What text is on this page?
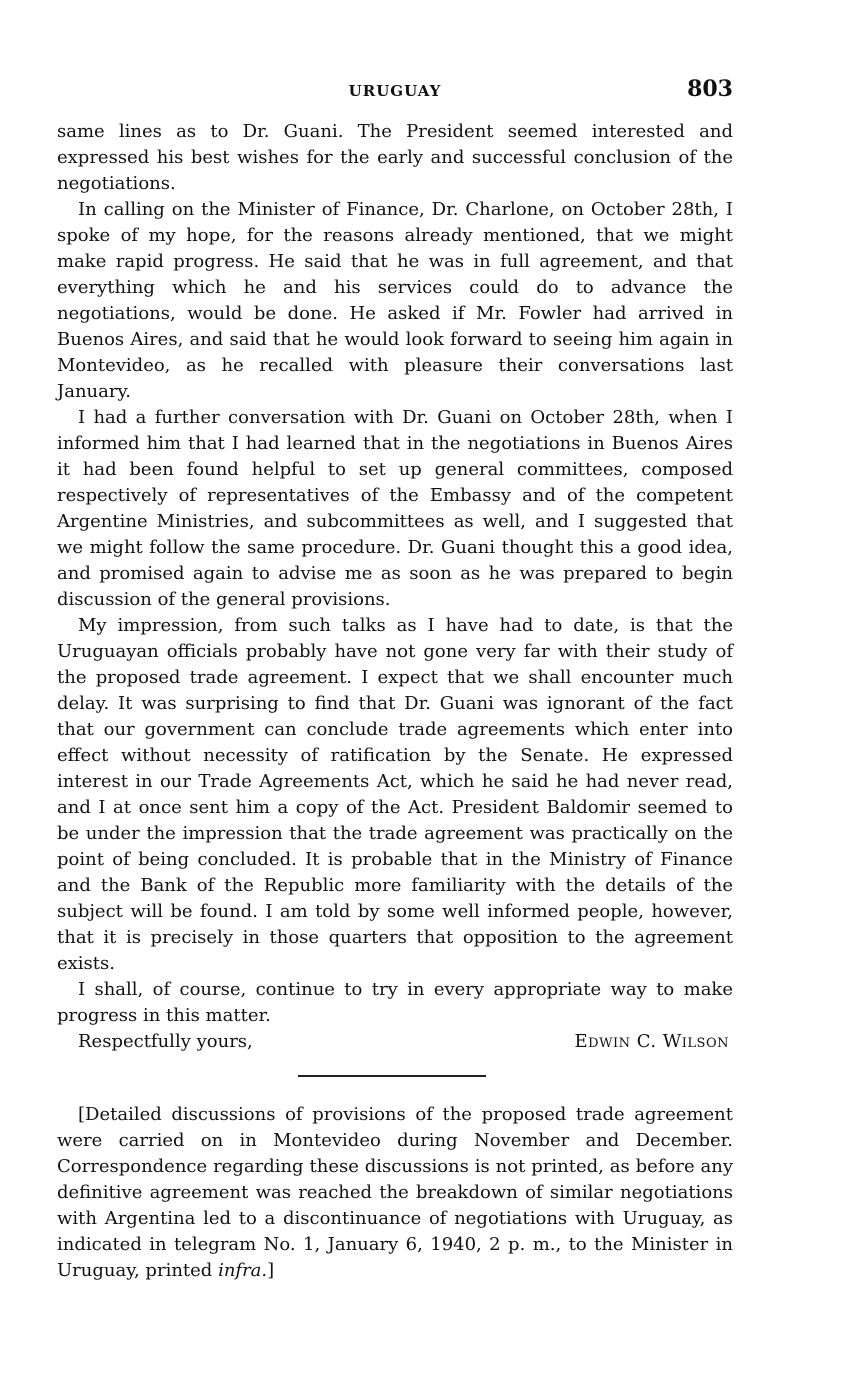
URUGUAY	803

same lines as to Dr. Guani. The President seemed interested and expressed his best wishes for the early and successful conclusion of the negotiations.

In calling on the Minister of Finance, Dr. Charlone, on October 28th, I spoke of my hope, for the reasons already mentioned, that we might make rapid progress. He said that he was in full agreement, and that everything which he and his services could do to advance the negotiations, would be done. He asked if Mr. Fowler had arrived in Buenos Aires, and said that he would look forward to seeing him again in Montevideo, as he recalled with pleasure their conversations last January.

I had a further conversation with Dr. Guani on October 28th, when I informed him that I had learned that in the negotiations in Buenos Aires it had been found helpful to set up general committees, composed respectively of representatives of the Embassy and of the competent Argentine Ministries, and subcommittees as well, and I suggested that we might follow the same procedure. Dr. Guani thought this a good idea, and promised again to advise me as soon as he was prepared to begin discussion of the general provisions.

My impression, from such talks as I have had to date, is that the Uruguayan officials probably have not gone very far with their study of the proposed trade agreement. I expect that we shall encounter much delay. It was surprising to find that Dr. Guani was ignorant of the fact that our government can conclude trade agreements which enter into effect without necessity of ratification by the Senate. He expressed interest in our Trade Agreements Act, which he said he had never read, and I at once sent him a copy of the Act. President Baldomir seemed to be under the impression that the trade agreement was practically on the point of being concluded. It is probable that in the Ministry of Finance and the Bank of the Republic more familiarity with the details of the subject will be found. I am told by some well informed people, however, that it is precisely in those quarters that opposition to the agreement exists.

I shall, of course, continue to try in every appropriate way to make progress in this matter.

Respectfully yours,	Edwin C. Wilson

[Detailed discussions of provisions of the proposed trade agreement were carried on in Montevideo during November and December. Correspondence regarding these discussions is not printed, as before any definitive agreement was reached the breakdown of similar negotiations with Argentina led to a discontinuance of negotiations with Uruguay, as indicated in telegram No. 1, January 6, 1940, 2 p. m., to the Minister in Uruguay, printed infra.]
